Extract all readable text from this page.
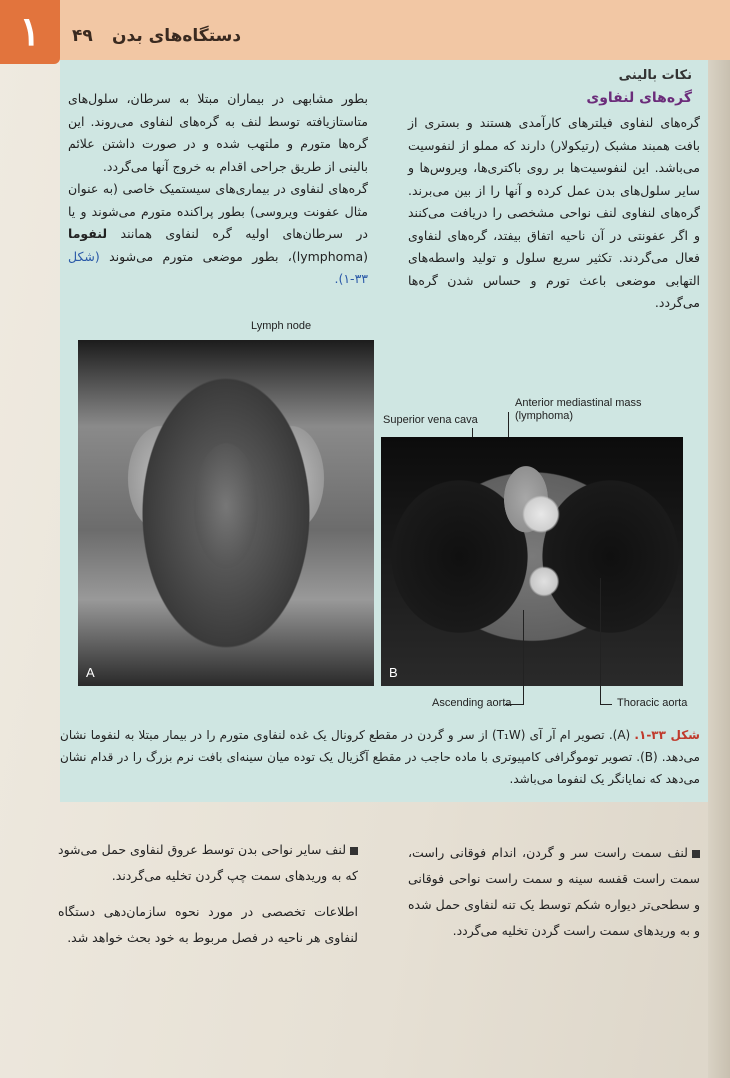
۱	۴۹ دستگاه‌های بدن
نکات بالینی
گره‌های لنفاوی

گره‌های لنفاوی فیلترهای کارآمدی هستند و بستری از بافت همبند مشبک (رتیکولار) دارند که مملو از لنفوسیت می‌باشد. این لنفوسیت‌ها بر روی باکتری‌ها، ویروس‌ها و سایر سلول‌های بدن عمل کرده و آنها را از بین می‌برند. گره‌های لنفاوی لنف نواحی مشخصی را دریافت می‌کنند و اگر عفونتی در آن ناحیه اتفاق بیفتد، گره‌های لنفاوی فعال می‌گردند. تکثیر سریع سلول و تولید واسطه‌های التهابی موضعی باعث تورم و حساس شدن گره‌ها می‌گردد.

بطور مشابهی در بیماران مبتلا به سرطان، سلول‌های متاستازیافته توسط لنف به گره‌های لنفاوی می‌روند. این گره‌ها متورم و ملتهب شده و در صورت داشتن علائم بالینی از طریق جراحی اقدام به خروج آنها می‌گردد.

گره‌های لنفاوی در بیماری‌های سیستمیک خاصی (به عنوان مثال عفونت ویروسی) بطور پراکنده متورم می‌شوند و یا در سرطان‌های اولیه گره لنفاوی همانند لنفوما (lymphoma)، بطور موضعی متورم می‌شوند (شکل ۳۳-۱).

Lymph node
A
Anterior mediastinal mass
(lymphoma)
Superior vena cava
B
Ascending aorta	Thoracic aorta
شکل ۳۳-۱. (A). تصویر ام آر آی (T₁W) از سر و گردن در مقطع کرونال یک غده لنفاوی متورم را در بیمار مبتلا به لنفوما نشان می‌دهد. (B). تصویر توموگرافی کامپیوتری با ماده حاجب در مقطع آگزیال یک توده میان سینه‌ای بافت نرم بزرگ را در قدام نشان می‌دهد که نمایانگر یک لنفوما می‌باشد.

لنف سمت راست سر و گردن، اندام فوقانی راست، سمت راست قفسه سینه و سمت راست نواحی فوقانی و سطحی‌تر دیواره شکم توسط یک تنه لنفاوی حمل شده و به وریدهای سمت راست گردن تخلیه می‌گردد.

لنف سایر نواحی بدن توسط عروق لنفاوی حمل می‌شود که به وریدهای سمت چپ گردن تخلیه می‌گردند.

اطلاعات تخصصی در مورد نحوه سازمان‌دهی دستگاه لنفاوی هر ناحیه در فصل مربوط به خود بحث خواهد شد.
